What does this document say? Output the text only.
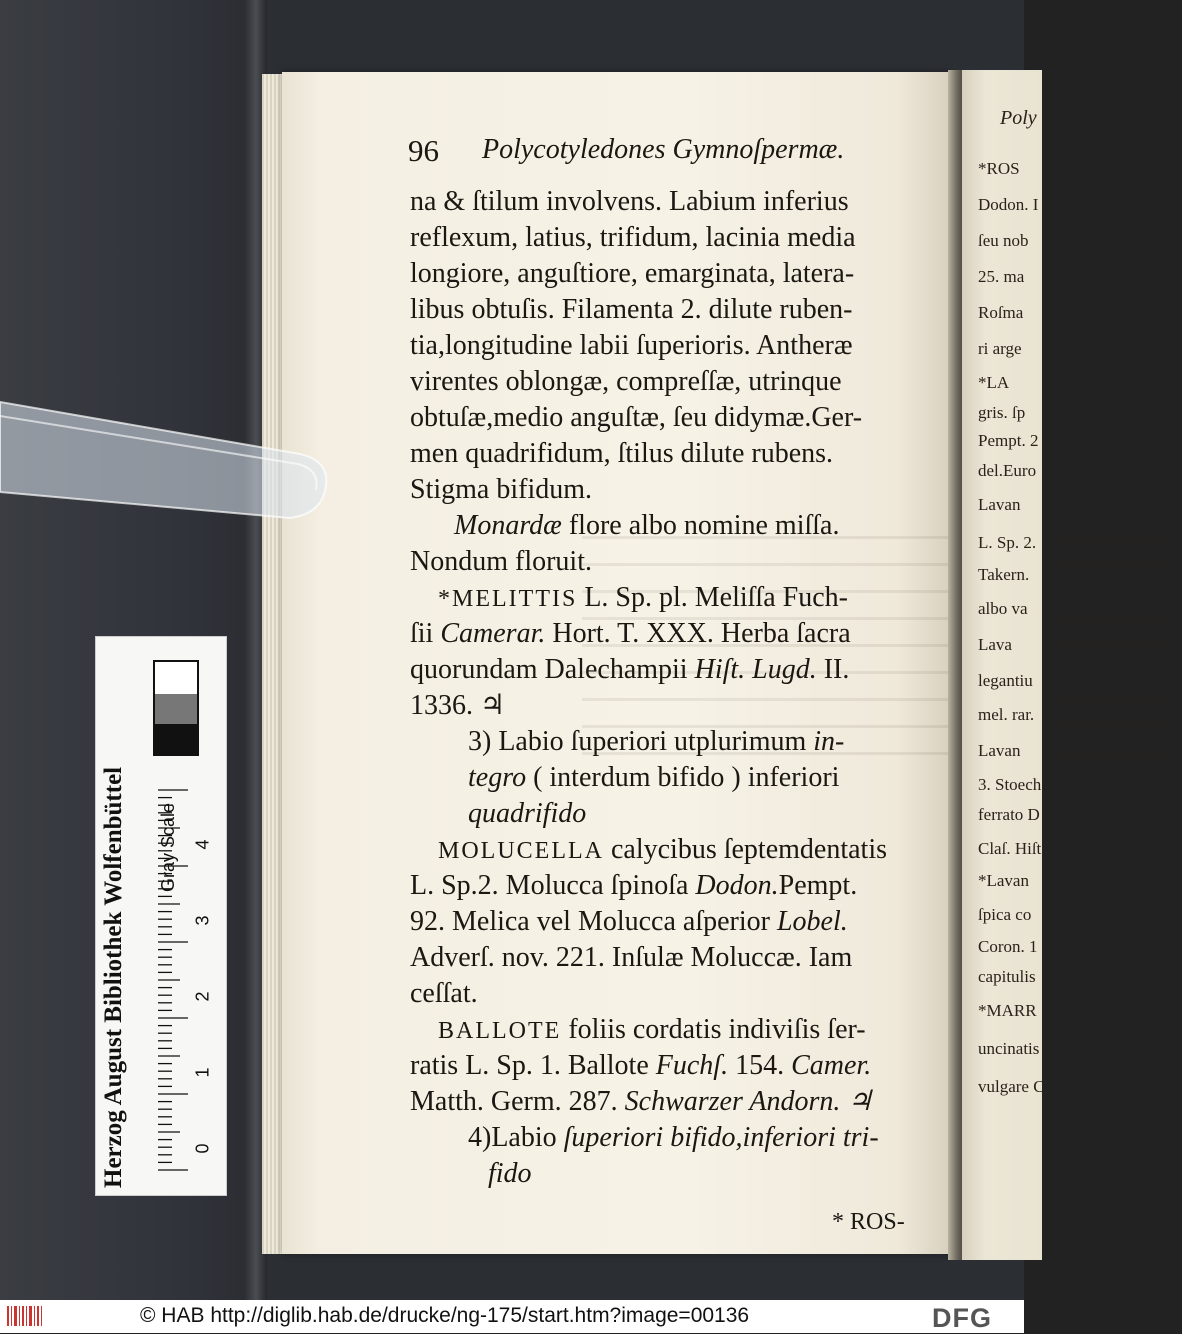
96 Polycotyledones Gymnoſpermæ.
na & ſtilum involvens. Labium inferius
reflexum, latius, trifidum, lacinia media
longiore, anguſtiore, emarginata, latera-
libus obtuſis. Filamenta 2. dilute ruben-
tia,longitudine labii ſuperioris. Antheræ
virentes oblongæ, compreſſæ, utrinque
obtuſæ,medio anguſtæ, ſeu didymæ.Ger-
men quadrifidum, ſtilus dilute rubens.
Stigma bifidum.
Monardæ flore albo nomine miſſa.
Nondum floruit.
*MELITTIS L. Sp. pl. Meliſſa Fuch-
ſii Camerar. Hort. T. XXX. Herba ſacra
quorundam Dalechampii Hiſt. Lugd. II.
1336. ♃
3) Labio ſuperiori utplurimum in-
tegro ( interdum bifido ) inferiori
quadrifido
MOLUCELLA calycibus ſeptemdentatis
L. Sp.2. Molucca ſpinoſa Dodon.Pempt.
92. Melica vel Molucca aſperior Lobel.
Adverſ. nov. 221. Inſulæ Moluccæ. Iam
ceſſat.
BALLOTE foliis cordatis indiviſis ſer-
ratis L. Sp. 1. Ballote Fuchſ. 154. Camer.
Matth. Germ. 287. Schwarzer Andorn. ♃
4)Labio ſuperiori bifido,inferiori tri-
fido
* ROS-
Poly
*ROS
Dodon. I
ſeu nob
25. ma
Roſma
ri arge
*LA
gris. ſp
Pempt. 2
del.Euro
Lavan
L. Sp. 2.
Takern.
albo va
Lava
legantiu
mel. rar.
Lavan
3. Stoech
ferrato D
Claſ. Hiſt
*Lavan
ſpica co
Coron. 1
capitulis
*MARR
uncinatis
vulgare C
Herzog August Bibliothek Wolfenbüttel Gray Scale
0
1
2
3
4
© HAB http://diglib.hab.de/drucke/ng-175/start.htm?image=00136	DFG
